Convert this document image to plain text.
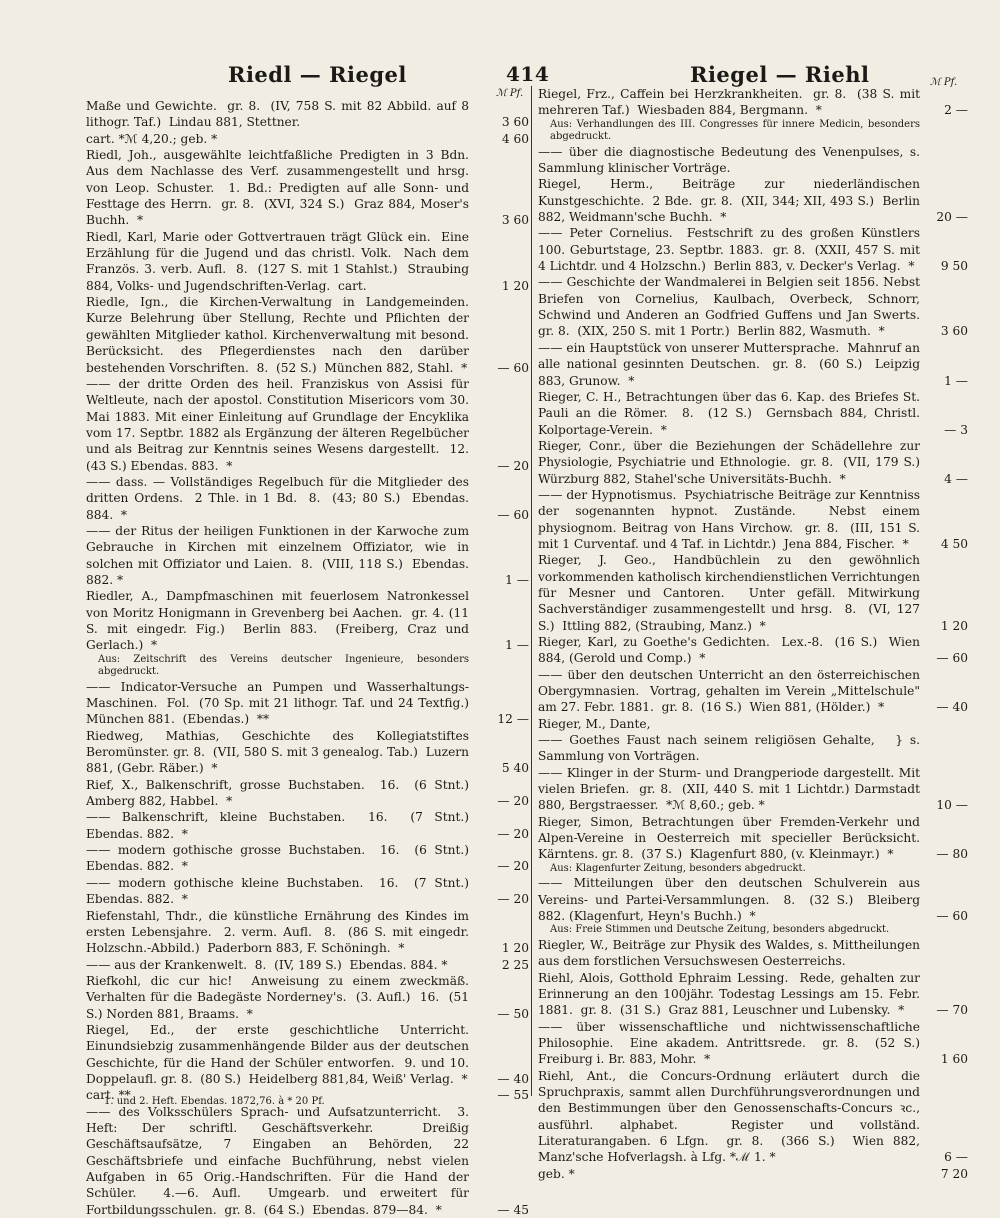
Riedl — Riegel	414	Riegel — Riehl
ℳ Pf.
ℳ Pf.
Maße und Gewichte.  gr. 8.  (IV, 758 S. mit 82 Abbild. auf 8 lithogr. Taf.)  Lindau 881, Stettner.	3 60
cart. *ℳ 4,20.; geb. *	4 60
Riedl, Joh., ausgewählte leichtfaßliche Predigten in 3 Bdn. Aus dem Nachlasse des Verf. zusammengestellt und hrsg. von Leop. Schuster.  1. Bd.: Predigten auf alle Sonn- und Festtage des Herrn.  gr. 8.  (XVI, 324 S.)  Graz 884, Moser's Buchh.  *	3 60
Riedl, Karl, Marie oder Gottvertrauen trägt Glück ein.  Eine Erzählung für die Jugend und das christl. Volk.  Nach dem Französ. 3. verb. Aufl.  8.  (127 S. mit 1 Stahlst.)  Straubing 884, Volks- und Jugendschriften-Verlag.  cart.	1 20
Riedle, Ign., die Kirchen-Verwaltung in Landgemeinden. Kurze Belehrung über Stellung, Rechte und Pflichten der gewählten Mitglieder kathol. Kirchenverwaltung mit besond. Berücksicht. des Pflegerdienstes nach den darüber bestehenden Vorschriften.  8.  (52 S.)  München 882, Stahl.  *	— 60
—— der dritte Orden des heil. Franziskus von Assisi für Weltleute, nach der apostol. Constitution Misericors vom 30. Mai 1883. Mit einer Einleitung auf Grundlage der Encyklika vom 17. Septbr. 1882 als Ergänzung der älteren Regelbücher und als Beitrag zur Kenntnis seines Wesens dargestellt.  12.  (43 S.) Ebendas. 883.  *	— 20
—— dass. — Vollständiges Regelbuch für die Mitglieder des dritten Ordens.  2 Thle. in 1 Bd.  8.  (43; 80 S.)  Ebendas. 884.  *	— 60
—— der Ritus der heiligen Funktionen in der Karwoche zum Gebrauche in Kirchen mit einzelnem Offiziator, wie in solchen mit Offiziator und Laien.  8.  (VIII, 118 S.)  Ebendas. 882. *	1 —
Riedler, A., Dampfmaschinen mit feuerlosem Natronkessel von Moritz Honigmann in Grevenberg bei Aachen.  gr. 4. (11 S. mit eingedr. Fig.)  Berlin 883.  (Freiberg, Craz und Gerlach.)  *	1 —
Aus: Zeitschrift des Vereins deutscher Ingenieure, besonders abgedruckt.
—— Indicator-Versuche an Pumpen und Wasserhaltungs-Maschinen.  Fol.  (70 Sp. mit 21 lithogr. Taf. und 24 Textfig.) München 881.  (Ebendas.)  **	12 —
Riedweg, Mathias, Geschichte des Kollegiatstiftes Beromünster. gr. 8.  (VII, 580 S. mit 3 genealog. Tab.)  Luzern 881, (Gebr. Räber.)  *	5 40
Rief, X., Balkenschrift, grosse Buchstaben.  16.  (6 Stnt.) Amberg 882, Habbel.  *	— 20
—— Balkenschrift, kleine Buchstaben.  16.  (7 Stnt.) Ebendas. 882.  *	— 20
—— modern gothische grosse Buchstaben.  16.  (6 Stnt.) Ebendas. 882.  *	— 20
—— modern gothische kleine Buchstaben.  16.  (7 Stnt.) Ebendas. 882.  *	— 20
Riefenstahl, Thdr., die künstliche Ernährung des Kindes im ersten Lebensjahre.  2. verm. Aufl.  8.  (86 S. mit eingedr. Holzschn.-Abbild.)  Paderborn 883, F. Schöningh.  *	1 20
—— aus der Krankenwelt.  8.  (IV, 189 S.)  Ebendas. 884. *	2 25
Riefkohl, dic cur hic!  Anweisung zu einem zweckmäß. Verhalten für die Badegäste Norderney's.  (3. Aufl.)  16.  (51 S.) Norden 881, Braams.  *	— 50
Riegel, Ed., der erste geschichtliche Unterricht.  Einundsiebzig zusammenhängende Bilder aus der deutschen Geschichte, für die Hand der Schüler entworfen.  9. und 10. Doppelaufl. gr. 8.  (80 S.)  Heidelberg 881,84, Weiß' Verlag.  *	— 40
cart. **	— 55
—— des Volksschülers Sprach- und Aufsatzunterricht.  3. Heft: Der schriftl. Geschäftsverkehr.  Dreißig Geschäftsaufsätze, 7 Eingaben an Behörden, 22 Geschäftsbriefe und einfache Buchführung, nebst vielen Aufgaben in 65 Orig.-Handschriften. Für die Hand der Schüler.  4.—6. Aufl.  Umgearb. und erweitert für Fortbildungsschulen.  gr. 8.  (64 S.)  Ebendas. 879—84.  *	— 45
Riegel, Frz., Caffein bei Herzkrankheiten.  gr. 8.  (38 S. mit mehreren Taf.)  Wiesbaden 884, Bergmann.  *	2 —
Aus: Verhandlungen des III. Congresses für innere Medicin, besonders abgedruckt.
—— über die diagnostische Bedeutung des Venenpulses, s. Sammlung klinischer Vorträge.
Riegel, Herm., Beiträge zur niederländischen Kunstgeschichte.  2 Bde.  gr. 8.  (XII, 344; XII, 493 S.)  Berlin 882, Weidmann'sche Buchh.  *	20 —
—— Peter Cornelius.  Festschrift zu des großen Künstlers 100. Geburtstage, 23. Septbr. 1883.  gr. 8.  (XXII, 457 S. mit 4 Lichtdr. und 4 Holzschn.)  Berlin 883, v. Decker's Verlag.  *	9 50
—— Geschichte der Wandmalerei in Belgien seit 1856. Nebst Briefen von Cornelius, Kaulbach, Overbeck, Schnorr, Schwind und Anderen an Godfried Guffens und Jan Swerts. gr. 8.  (XIX, 250 S. mit 1 Portr.)  Berlin 882, Wasmuth.  *	3 60
—— ein Hauptstück von unserer Muttersprache.  Mahnruf an alle national gesinnten Deutschen.  gr. 8.  (60 S.)  Leipzig 883, Grunow.  *	1 —
Rieger, C. H., Betrachtungen über das 6. Kap. des Briefes St. Pauli an die Römer.  8.  (12 S.)  Gernsbach 884, Christl. Kolportage-Verein.  *	— 3
Rieger, Conr., über die Beziehungen der Schädellehre zur Physiologie, Psychiatrie und Ethnologie.  gr. 8.  (VII, 179 S.) Würzburg 882, Stahel'sche Universitäts-Buchh.  *	4 —
—— der Hypnotismus.  Psychiatrische Beiträge zur Kenntniss der sogenannten hypnot. Zustände.  Nebst einem physiognom. Beitrag von Hans Virchow.  gr. 8.  (III, 151 S. mit 1 Curventaf. und 4 Taf. in Lichtdr.)  Jena 884, Fischer.  *	4 50
Rieger, J. Geo., Handbüchlein zu den gewöhnlich vorkommenden katholisch kirchendienstlichen Verrichtungen für Mesner und Cantoren.  Unter gefäll. Mitwirkung Sachverständiger zusammengestellt und hrsg.  8.  (VI, 127 S.)  Ittling 882, (Straubing, Manz.)  *	1 20
Rieger, Karl, zu Goethe's Gedichten.  Lex.-8.  (16 S.)  Wien 884, (Gerold und Comp.)  *	— 60
—— über den deutschen Unterricht an den österreichischen Obergymnasien.  Vortrag, gehalten im Verein „Mittelschule" am 27. Febr. 1881.  gr. 8.  (16 S.)  Wien 881, (Hölder.)  *	— 40
Rieger, M., Dante,
—— Goethes Faust nach seinem religiösen Gehalte,   } s. Sammlung von Vorträgen.
—— Klinger in der Sturm- und Drangperiode dargestellt. Mit vielen Briefen.  gr. 8.  (XII, 440 S. mit 1 Lichtdr.) Darmstadt 880, Bergstraesser.  *ℳ 8,60.; geb. *	10 —
Rieger, Simon, Betrachtungen über Fremden-Verkehr und Alpen-Vereine in Oesterreich mit specieller Berücksicht. Kärntens. gr. 8.  (37 S.)  Klagenfurt 880, (v. Kleinmayr.)  *	— 80
Aus: Klagenfurter Zeitung, besonders abgedruckt.
—— Mitteilungen über den deutschen Schulverein aus Vereins- und Partei-Versammlungen.  8.  (32 S.)  Bleiberg 882. (Klagenfurt, Heyn's Buchh.)  *	— 60
Aus: Freie Stimmen und Deutsche Zeitung, besonders abgedruckt.
Riegler, W., Beiträge zur Physik des Waldes, s. Mittheilungen aus dem forstlichen Versuchswesen Oesterreichs.
Riehl, Alois, Gotthold Ephraim Lessing.  Rede, gehalten zur Erinnerung an den 100jähr. Todestag Lessings am 15. Febr. 1881.  gr. 8.  (31 S.)  Graz 881, Leuschner und Lubensky.  *	— 70
—— über wissenschaftliche und nichtwissenschaftliche Philosophie.  Eine akadem. Antrittsrede.  gr. 8.  (52 S.)  Freiburg i. Br. 883, Mohr.  *	1 60
Riehl, Ant., die Concurs-Ordnung erläutert durch die Spruchpraxis, sammt allen Durchführungsverordnungen und den Bestimmungen über den Genossenschafts-Concurs ꝛc., ausführl. alphabet.  Register und vollständ.  Literaturangaben. 6 Lfgn.  gr. 8.  (366 S.)  Wien 882, Manz'sche Hofverlagsh. à Lfg. *ℳ 1. *	6 —
geb. *	7 20
1. und 2. Heft. Ebendas. 1872,76. à * 20 Pf.
